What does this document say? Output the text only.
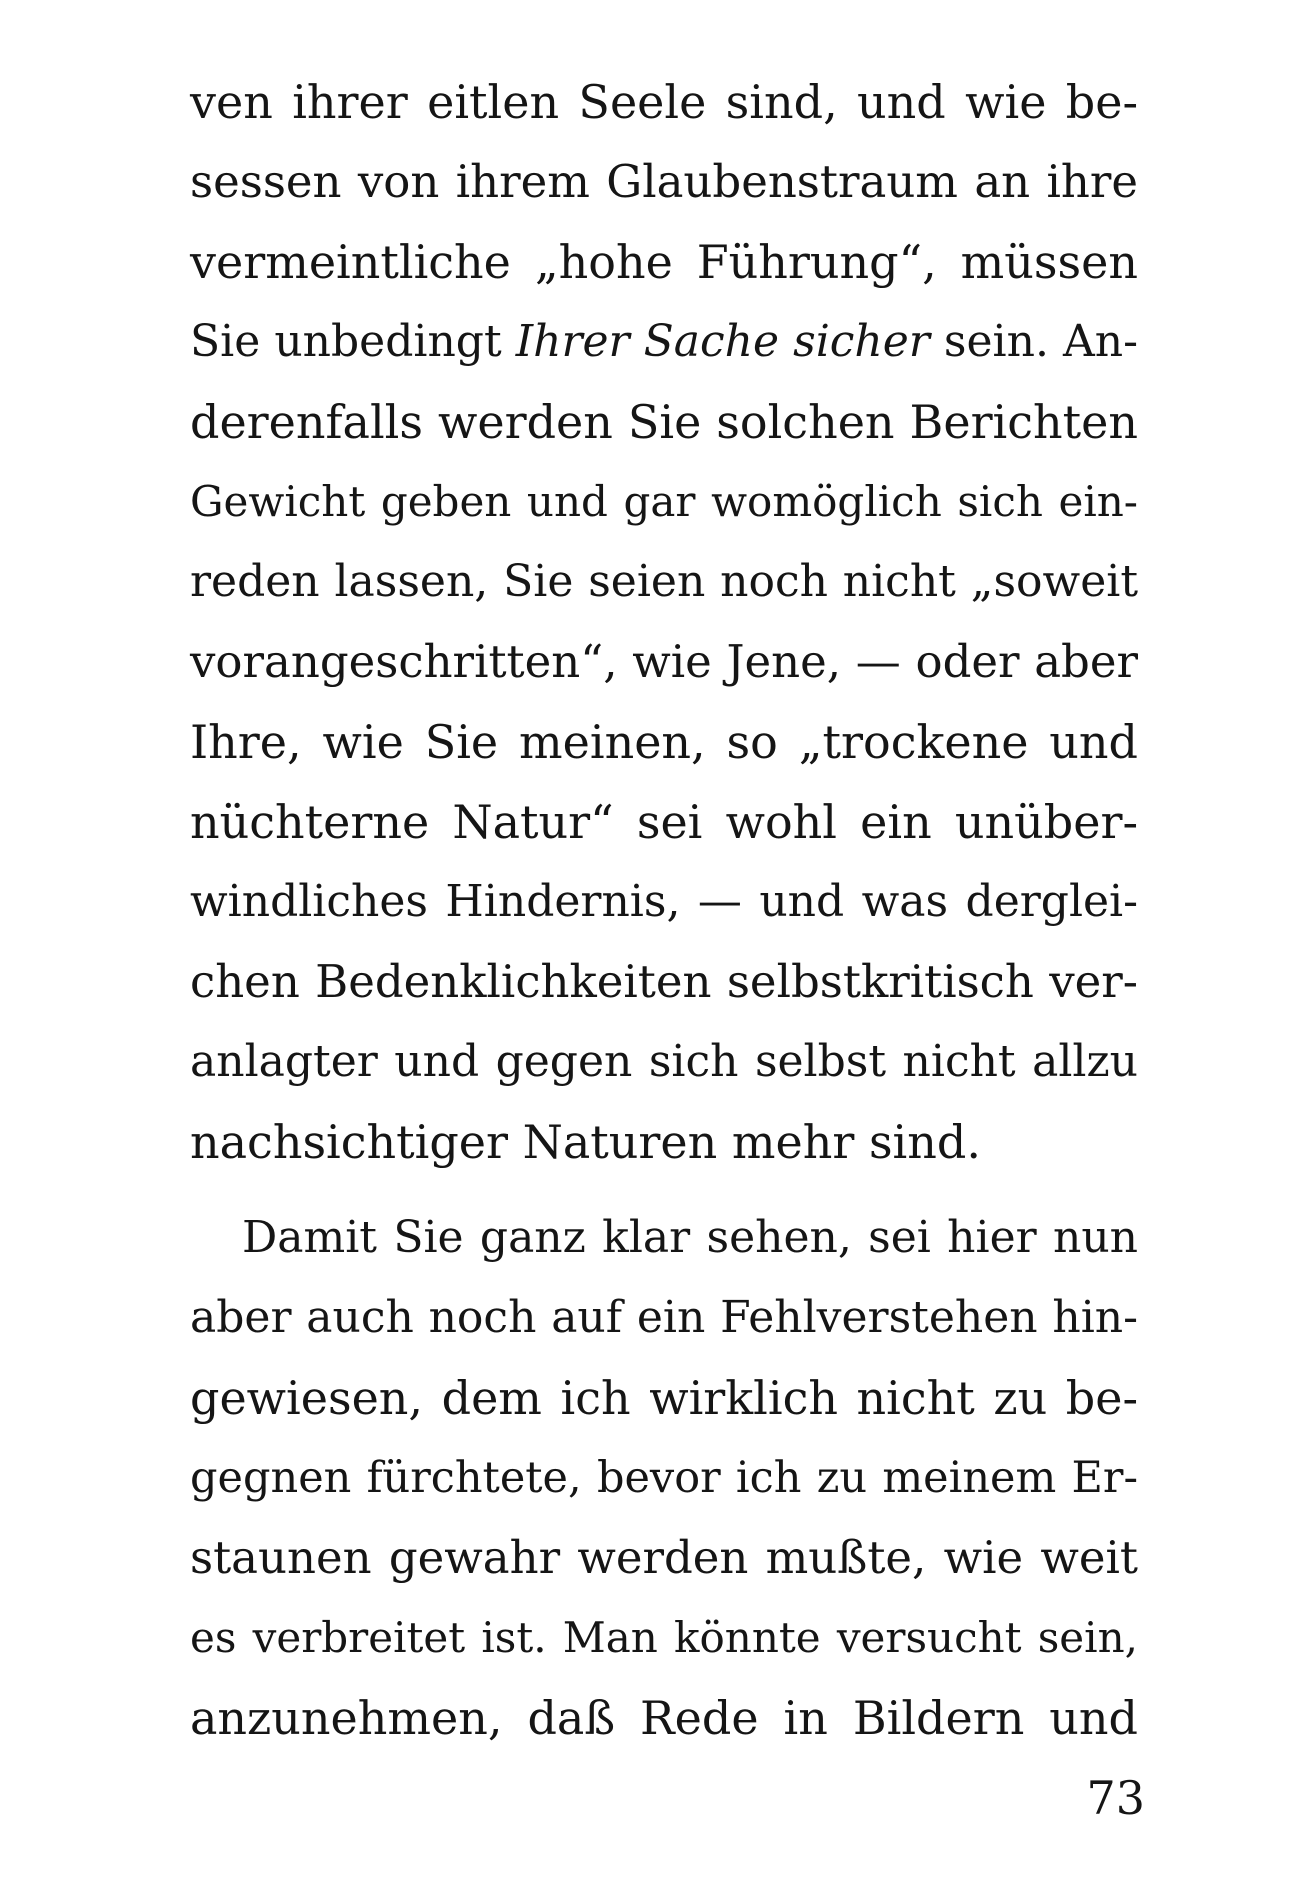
ven ihrer eitlen Seele sind, und wie be-
sessen von ihrem Glaubenstraum an ihre
vermeintliche „hohe Führung“, müssen
Sie unbedingt Ihrer Sache sicher sein. An-
derenfalls werden Sie solchen Berichten
Gewicht geben und gar womöglich sich ein-
reden lassen, Sie seien noch nicht „soweit
vorangeschritten“, wie Jene, — oder aber
Ihre, wie Sie meinen, so „trockene und
nüchterne Natur“ sei wohl ein unüber-
windliches Hindernis, — und was derglei-
chen Bedenklichkeiten selbstkritisch ver-
anlagter und gegen sich selbst nicht allzu
nachsichtiger Naturen mehr sind.
Damit Sie ganz klar sehen, sei hier nun
aber auch noch auf ein Fehlverstehen hin-
gewiesen, dem ich wirklich nicht zu be-
gegnen fürchtete, bevor ich zu meinem Er-
staunen gewahr werden mußte, wie weit
es verbreitet ist. Man könnte versucht sein,
anzunehmen, daß Rede in Bildern und
73
